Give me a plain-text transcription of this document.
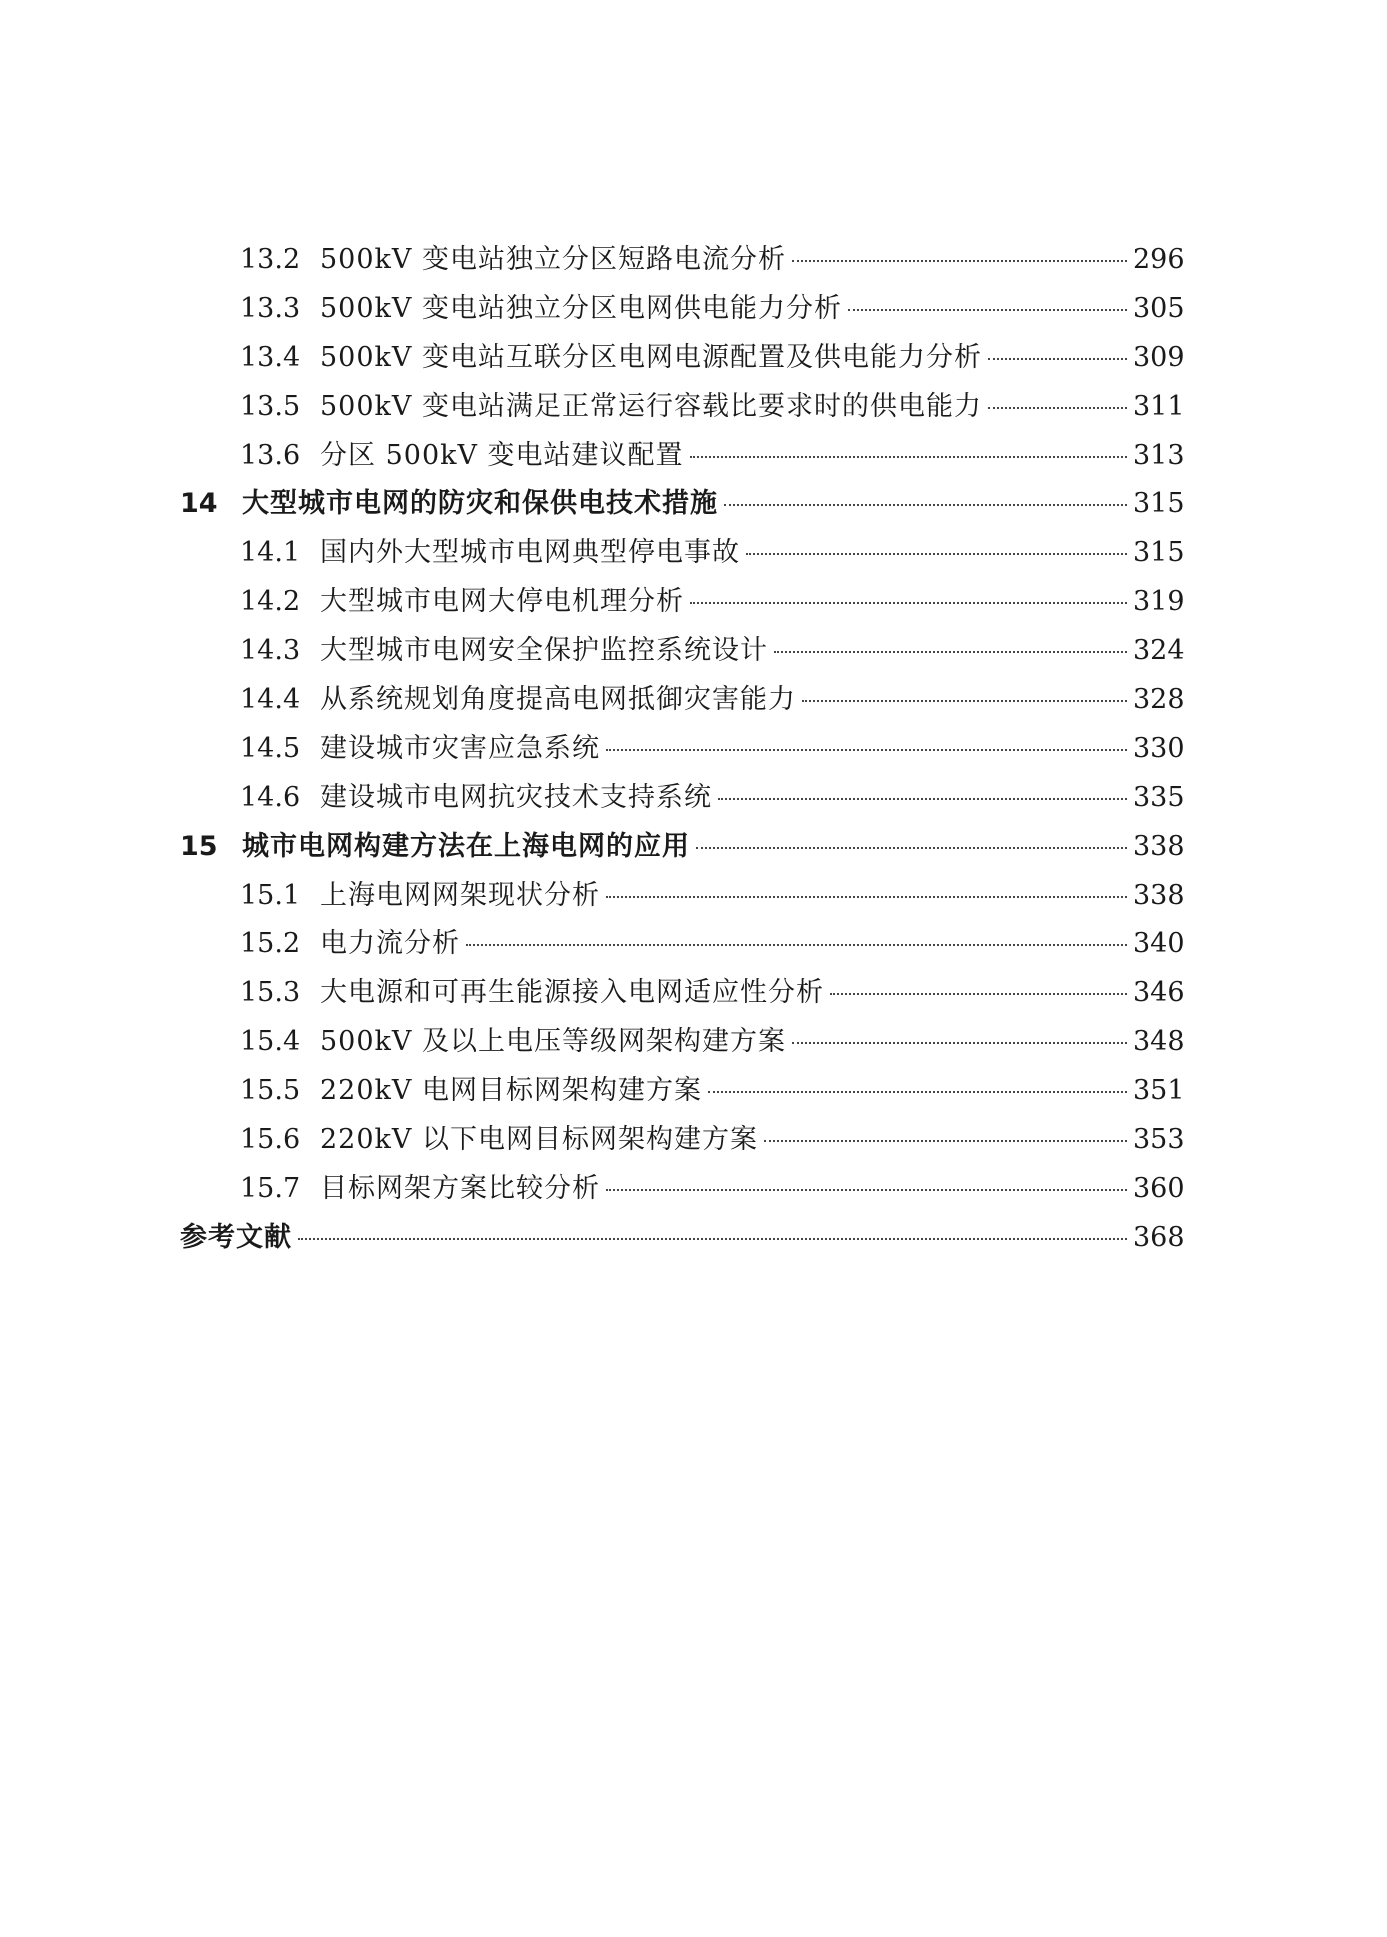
13.2 500kV 变电站独立分区短路电流分析	296
13.3 500kV 变电站独立分区电网供电能力分析	305
13.4 500kV 变电站互联分区电网电源配置及供电能力分析	309
13.5 500kV 变电站满足正常运行容载比要求时的供电能力	311
13.6 分区 500kV 变电站建议配置	313
14 大型城市电网的防灾和保供电技术措施	315
14.1 国内外大型城市电网典型停电事故	315
14.2 大型城市电网大停电机理分析	319
14.3 大型城市电网安全保护监控系统设计	324
14.4 从系统规划角度提高电网抵御灾害能力	328
14.5 建设城市灾害应急系统	330
14.6 建设城市电网抗灾技术支持系统	335
15 城市电网构建方法在上海电网的应用	338
15.1 上海电网网架现状分析	338
15.2 电力流分析	340
15.3 大电源和可再生能源接入电网适应性分析	346
15.4 500kV 及以上电压等级网架构建方案	348
15.5 220kV 电网目标网架构建方案	351
15.6 220kV 以下电网目标网架构建方案	353
15.7 目标网架方案比较分析	360
参考文献	368
